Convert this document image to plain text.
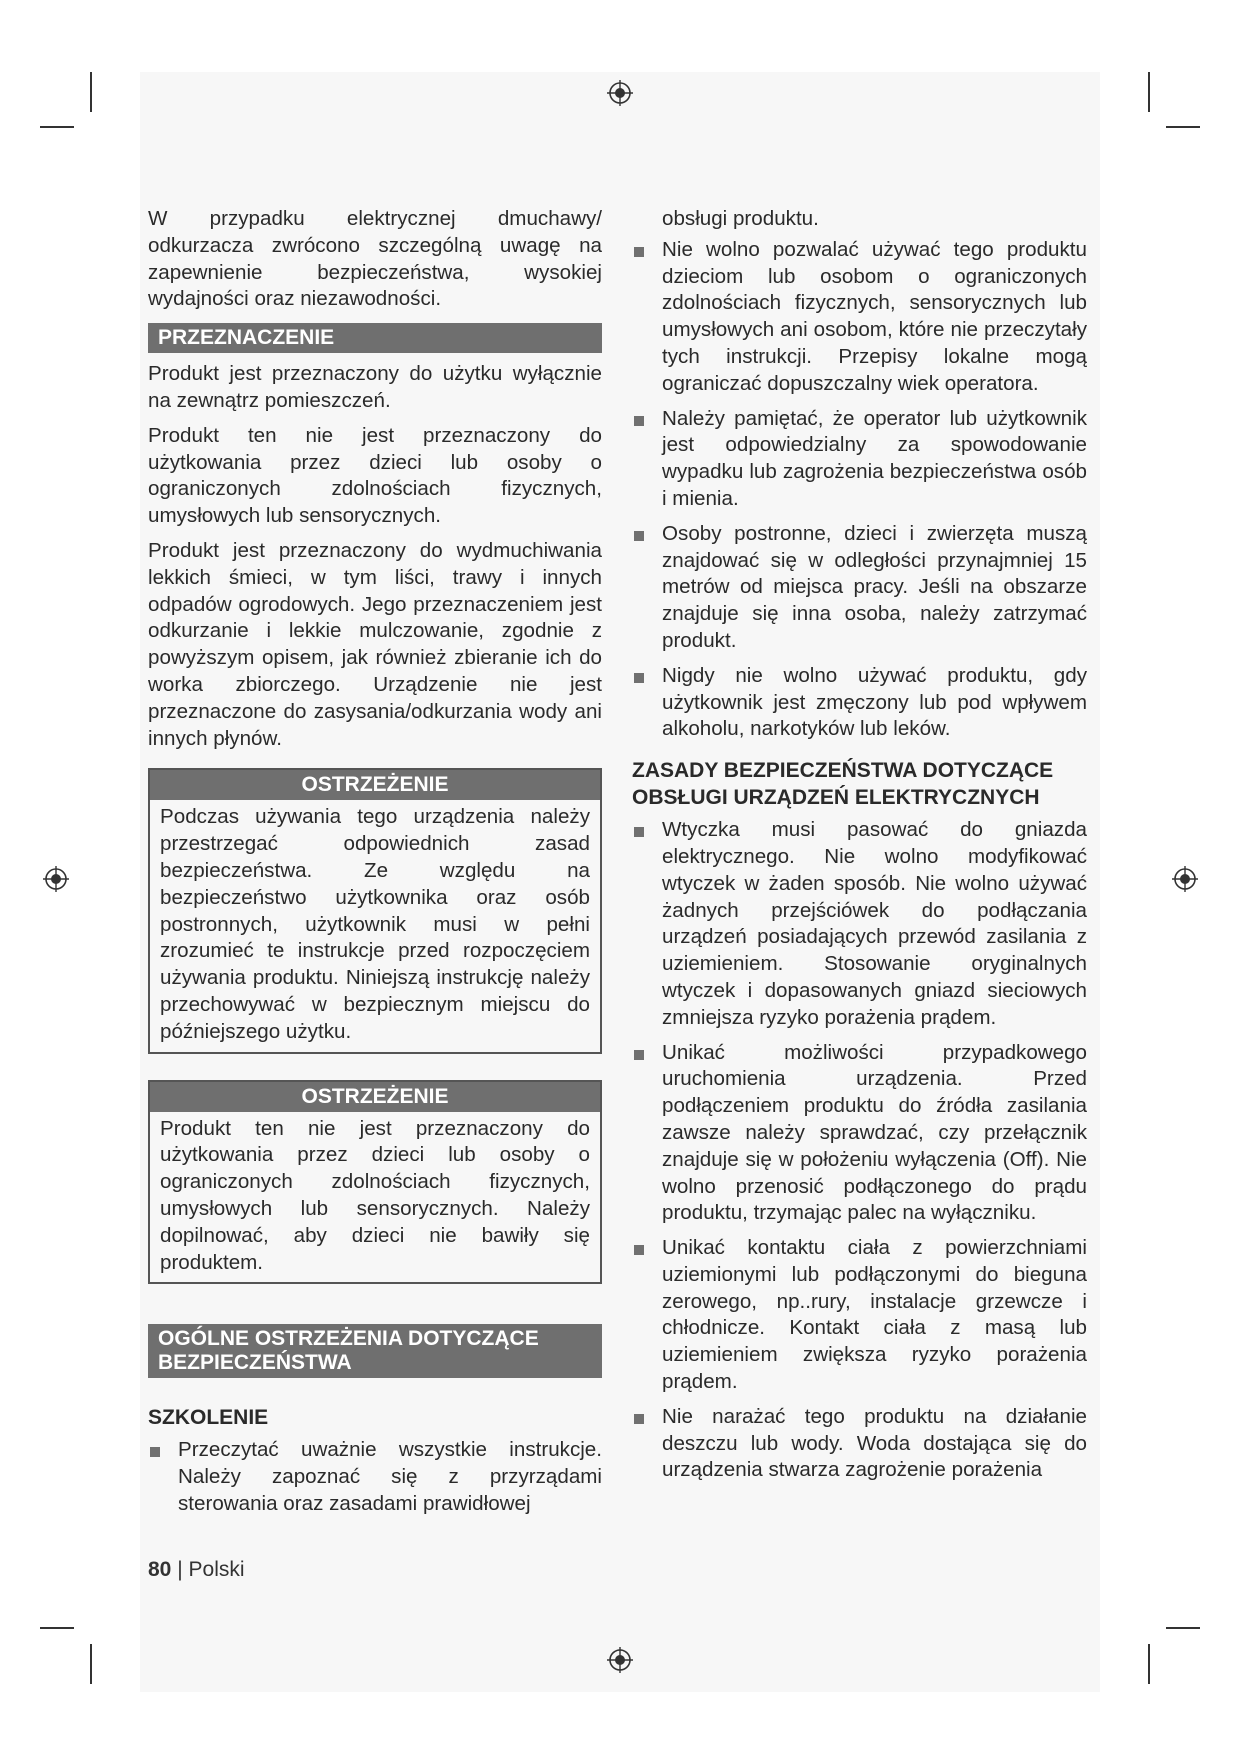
W przypadku elektrycznej dmuchawy/ odkurzacza zwrócono szczególną uwagę na zapewnienie bezpieczeństwa, wysokiej wydajności oraz niezawodności.

PRZEZNACZENIE

Produkt jest przeznaczony do użytku wyłącznie na zewnątrz pomieszczeń.

Produkt ten nie jest przeznaczony do użytkowania przez dzieci lub osoby o ograniczonych zdolnościach fizycznych, umysłowych lub sensorycznych.

Produkt jest przeznaczony do wydmuchiwania lekkich śmieci, w tym liści, trawy i innych odpadów ogrodowych. Jego przeznaczeniem jest odkurzanie i lekkie mulczowanie, zgodnie z powyższym opisem, jak również zbieranie ich do worka zbiorczego. Urządzenie nie jest przeznaczone do zasysania/odkurzania wody ani innych płynów.

OSTRZEŻENIE

Podczas używania tego urządzenia należy przestrzegać odpowiednich zasad bezpieczeństwa. Ze względu na bezpieczeństwo użytkownika oraz osób postronnych, użytkownik musi w pełni zrozumieć te instrukcje przed rozpoczęciem używania produktu. Niniejszą instrukcję należy przechowywać w bezpiecznym miejscu do późniejszego użytku.

OSTRZEŻENIE

Produkt ten nie jest przeznaczony do użytkowania przez dzieci lub osoby o ograniczonych zdolnościach fizycznych, umysłowych lub sensorycznych. Należy dopilnować, aby dzieci nie bawiły się produktem.

OGÓLNE OSTRZEŻENIA DOTYCZĄCE BEZPIECZEŃSTWA
SZKOLENIE
Przeczytać uważnie wszystkie instrukcje. Należy zapoznać się z przyrządami sterowania oraz zasadami prawidłowej

obsługi produktu.

Nie wolno pozwalać używać tego produktu dzieciom lub osobom o ograniczonych zdolnościach fizycznych, sensorycznych lub umysłowych ani osobom, które nie przeczytały tych instrukcji. Przepisy lokalne mogą ograniczać dopuszczalny wiek operatora.
Należy pamiętać, że operator lub użytkownik jest odpowiedzialny za spowodowanie wypadku lub zagrożenia bezpieczeństwa osób i mienia.
Osoby postronne, dzieci i zwierzęta muszą znajdować się w odległości przynajmniej 15 metrów od miejsca pracy. Jeśli na obszarze znajduje się inna osoba, należy zatrzymać produkt.
Nigdy nie wolno używać produktu, gdy użytkownik jest zmęczony lub pod wpływem alkoholu, narkotyków lub leków.
ZASADY BEZPIECZEŃSTWA DOTYCZĄCE OBSŁUGI URZĄDZEŃ ELEKTRYCZNYCH
Wtyczka musi pasować do gniazda elektrycznego. Nie wolno modyfikować wtyczek w żaden sposób. Nie wolno używać żadnych przejściówek do podłączania urządzeń posiadających przewód zasilania z uziemieniem. Stosowanie oryginalnych wtyczek i dopasowanych gniazd sieciowych zmniejsza ryzyko porażenia prądem.
Unikać możliwości przypadkowego uruchomienia urządzenia. Przed podłączeniem produktu do źródła zasilania zawsze należy sprawdzać, czy przełącznik znajduje się w położeniu wyłączenia (Off). Nie wolno przenosić podłączonego do prądu produktu, trzymając palec na wyłączniku.
Unikać kontaktu ciała z powierzchniami uziemionymi lub podłączonymi do bieguna zerowego, np..rury, instalacje grzewcze i chłodnicze. Kontakt ciała z masą lub uziemieniem zwiększa ryzyko porażenia prądem.
Nie narażać tego produktu na działanie deszczu lub wody. Woda dostająca się do urządzenia stwarza zagrożenie porażenia
80 | Polski
